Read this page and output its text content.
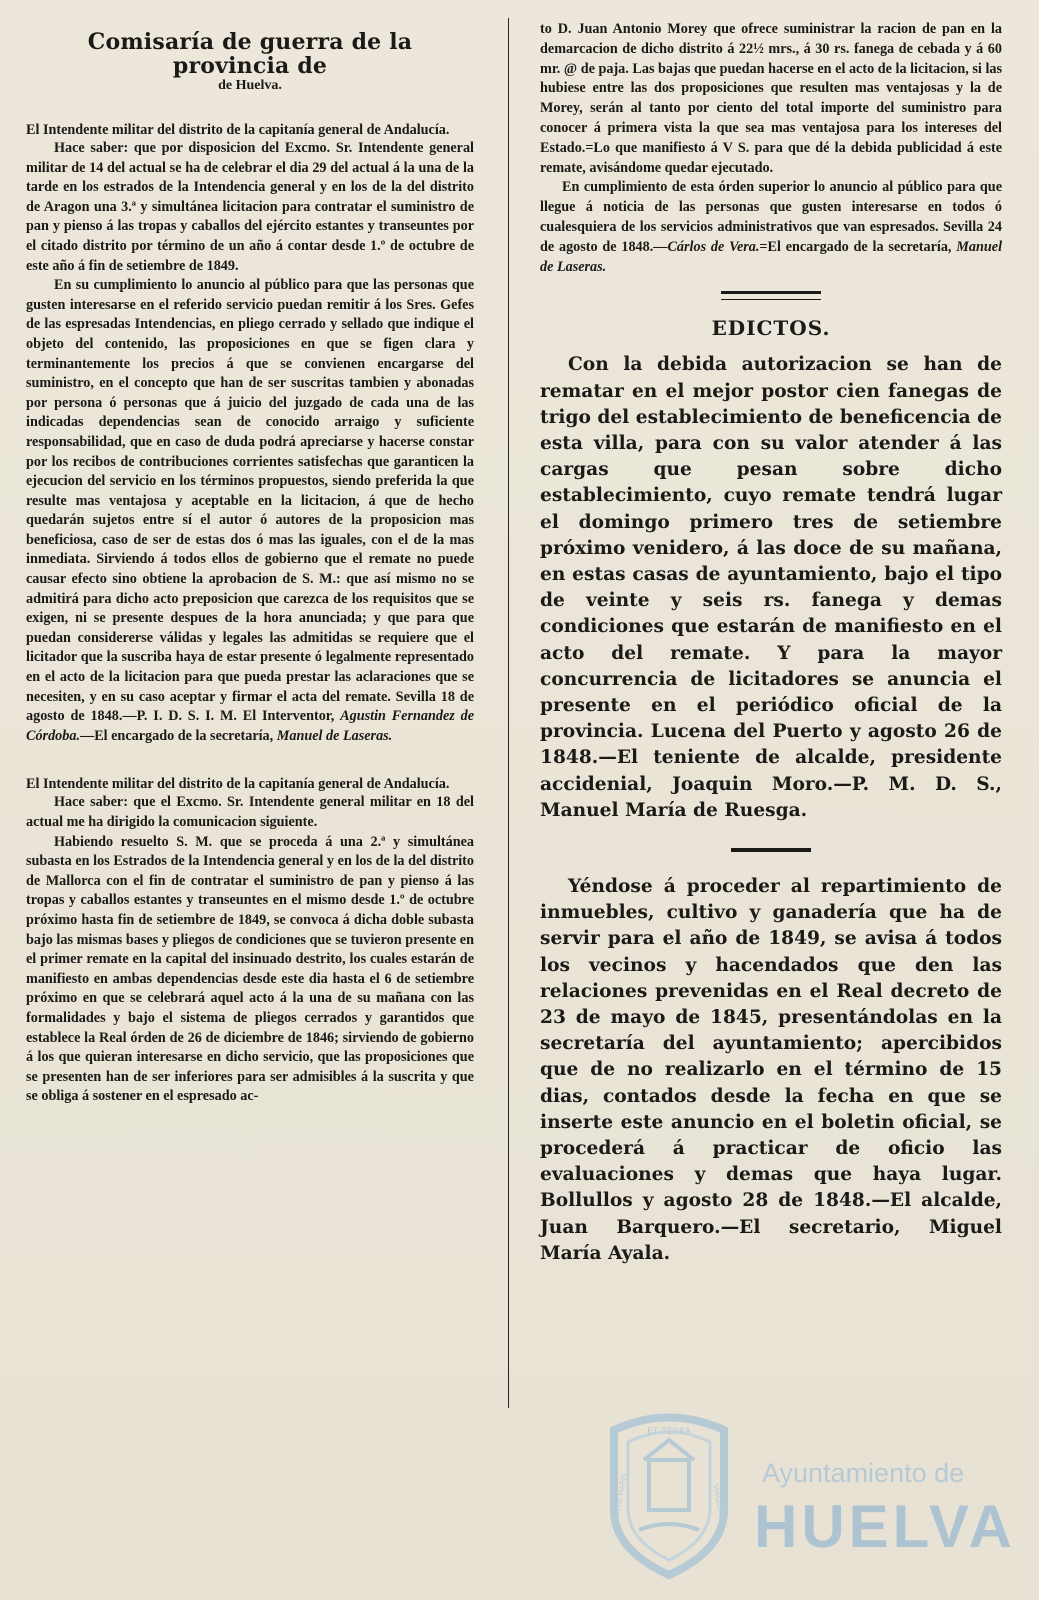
Comisaría de guerra de la provincia de
de Huelva.

El Intendente militar del distrito de la capitanía general de Andalucía.

Hace saber: que por disposicion del Excmo. Sr. Intendente general militar de 14 del actual se ha de celebrar el dia 29 del actual á la una de la tarde en los estrados de la Intendencia general y en los de la del distrito de Aragon una 3.ª y simultánea licitacion para contratar el suministro de pan y pienso á las tropas y caballos del ejército estantes y transeuntes por el citado distrito por término de un año á contar desde 1.º de octubre de este año á fin de setiembre de 1849.

En su cumplimiento lo anuncio al público para que las personas que gusten interesarse en el referido servicio puedan remitir á los Sres. Gefes de las espresadas Intendencias, en pliego cerrado y sellado que indique el objeto del contenido, las proposiciones en que se figen clara y terminantemente los precios á que se convienen encargarse del suministro, en el concepto que han de ser suscritas tambien y abonadas por persona ó personas que á juicio del juzgado de cada una de las indicadas dependencias sean de conocido arraigo y suficiente responsabilidad, que en caso de duda podrá apreciarse y hacerse constar por los recibos de contribuciones corrientes satisfechas que garanticen la ejecucion del servicio en los términos propuestos, siendo preferida la que resulte mas ventajosa y aceptable en la licitacion, á que de hecho quedarán sujetos entre sí el autor ó autores de la proposicion mas beneficiosa, caso de ser de estas dos ó mas las iguales, con el de la mas inmediata. Sirviendo á todos ellos de gobierno que el remate no puede causar efecto sino obtiene la aprobacion de S. M.: que así mismo no se admitirá para dicho acto preposicion que carezca de los requisitos que se exigen, ni se presente despues de la hora anunciada; y que para que puedan considererse válidas y legales las admitidas se requiere que el licitador que la suscriba haya de estar presente ó legalmente representado en el acto de la licitacion para que pueda prestar las aclaraciones que se necesiten, y en su caso aceptar y firmar el acta del remate. Sevilla 18 de agosto de 1848.—P. I. D. S. I. M. El Interventor, Agustin Fernandez de Córdoba.—El encargado de la secretaría, Manuel de Laseras.

El Intendente militar del distrito de la capitanía general de Andalucía.

Hace saber: que el Excmo. Sr. Intendente general militar en 18 del actual me ha dirigido la comunicacion siguiente.

Habiendo resuelto S. M. que se proceda á una 2.ª y simultánea subasta en los Estrados de la Intendencia general y en los de la del distrito de Mallorca con el fin de contratar el suministro de pan y pienso á las tropas y caballos estantes y transeuntes en el mismo desde 1.º de octubre próximo hasta fin de setiembre de 1849, se convoca á dicha doble subasta bajo las mismas bases y pliegos de condiciones que se tuvieron presente en el primer remate en la capital del insinuado destrito, los cuales estarán de manifiesto en ambas dependencias desde este dia hasta el 6 de setiembre próximo en que se celebrará aquel acto á la una de su mañana con las formalidades y bajo el sistema de pliegos cerrados y garantidos que establece la Real órden de 26 de diciembre de 1846; sirviendo de gobierno á los que quieran interesarse en dicho servicio, que las proposiciones que se presenten han de ser inferiores para ser admisibles á la suscrita y que se obliga á sostener en el espresado ac-

to D. Juan Antonio Morey que ofrece suministrar la racion de pan en la demarcacion de dicho distrito á 22½ mrs., á 30 rs. fanega de cebada y á 60 mr. @ de paja. Las bajas que puedan hacerse en el acto de la licitacion, si las hubiese entre las dos proposiciones que resulten mas ventajosas y la de Morey, serán al tanto por ciento del total importe del suministro para conocer á primera vista la que sea mas ventajosa para los intereses del Estado.=Lo que manifiesto á V S. para que dé la debida publicidad á este remate, avisándome quedar ejecutado.

En cumplimiento de esta órden superior lo anuncio al público para que llegue á noticia de las personas que gusten interesarse en todos ó cualesquiera de los servicios administrativos que van espresados. Sevilla 24 de agosto de 1848.—Cárlos de Vera.=El encargado de la secretaría, Manuel de Laseras.

EDICTOS.

Con la debida autorizacion se han de rematar en el mejor postor cien fanegas de trigo del establecimiento de beneficencia de esta villa, para con su valor atender á las cargas que pesan sobre dicho establecimiento, cuyo remate tendrá lugar el domingo primero tres de setiembre próximo venidero, á las doce de su mañana, en estas casas de ayuntamiento, bajo el tipo de veinte y seis rs. fanega y demas condiciones que estarán de manifiesto en el acto del remate. Y para la mayor concurrencia de licitadores se anuncia el presente en el periódico oficial de la provincia. Lucena del Puerto y agosto 26 de 1848.—El teniente de alcalde, presidente accidenial, Joaquin Moro.—P. M. D. S., Manuel María de Ruesga.

Yéndose á proceder al repartimiento de inmuebles, cultivo y ganadería que ha de servir para el año de 1849, se avisa á todos los vecinos y hacendados que den las relaciones prevenidas en el Real decreto de 23 de mayo de 1845, presentándolas en la secretaría del ayuntamiento; apercibidos que de no realizarlo en el término de 15 dias, contados desde la fecha en que se inserte este anuncio en el boletin oficial, se procederá á practicar de oficio las evaluaciones y demas que haya lugar. Bollullos y agosto 28 de 1848.—El alcalde, Juan Barquero.—El secretario, Miguel María Ayala.

ET TERRA
PORTUS MARIS	VIAGIUM
Ayuntamiento de
HUELVA
